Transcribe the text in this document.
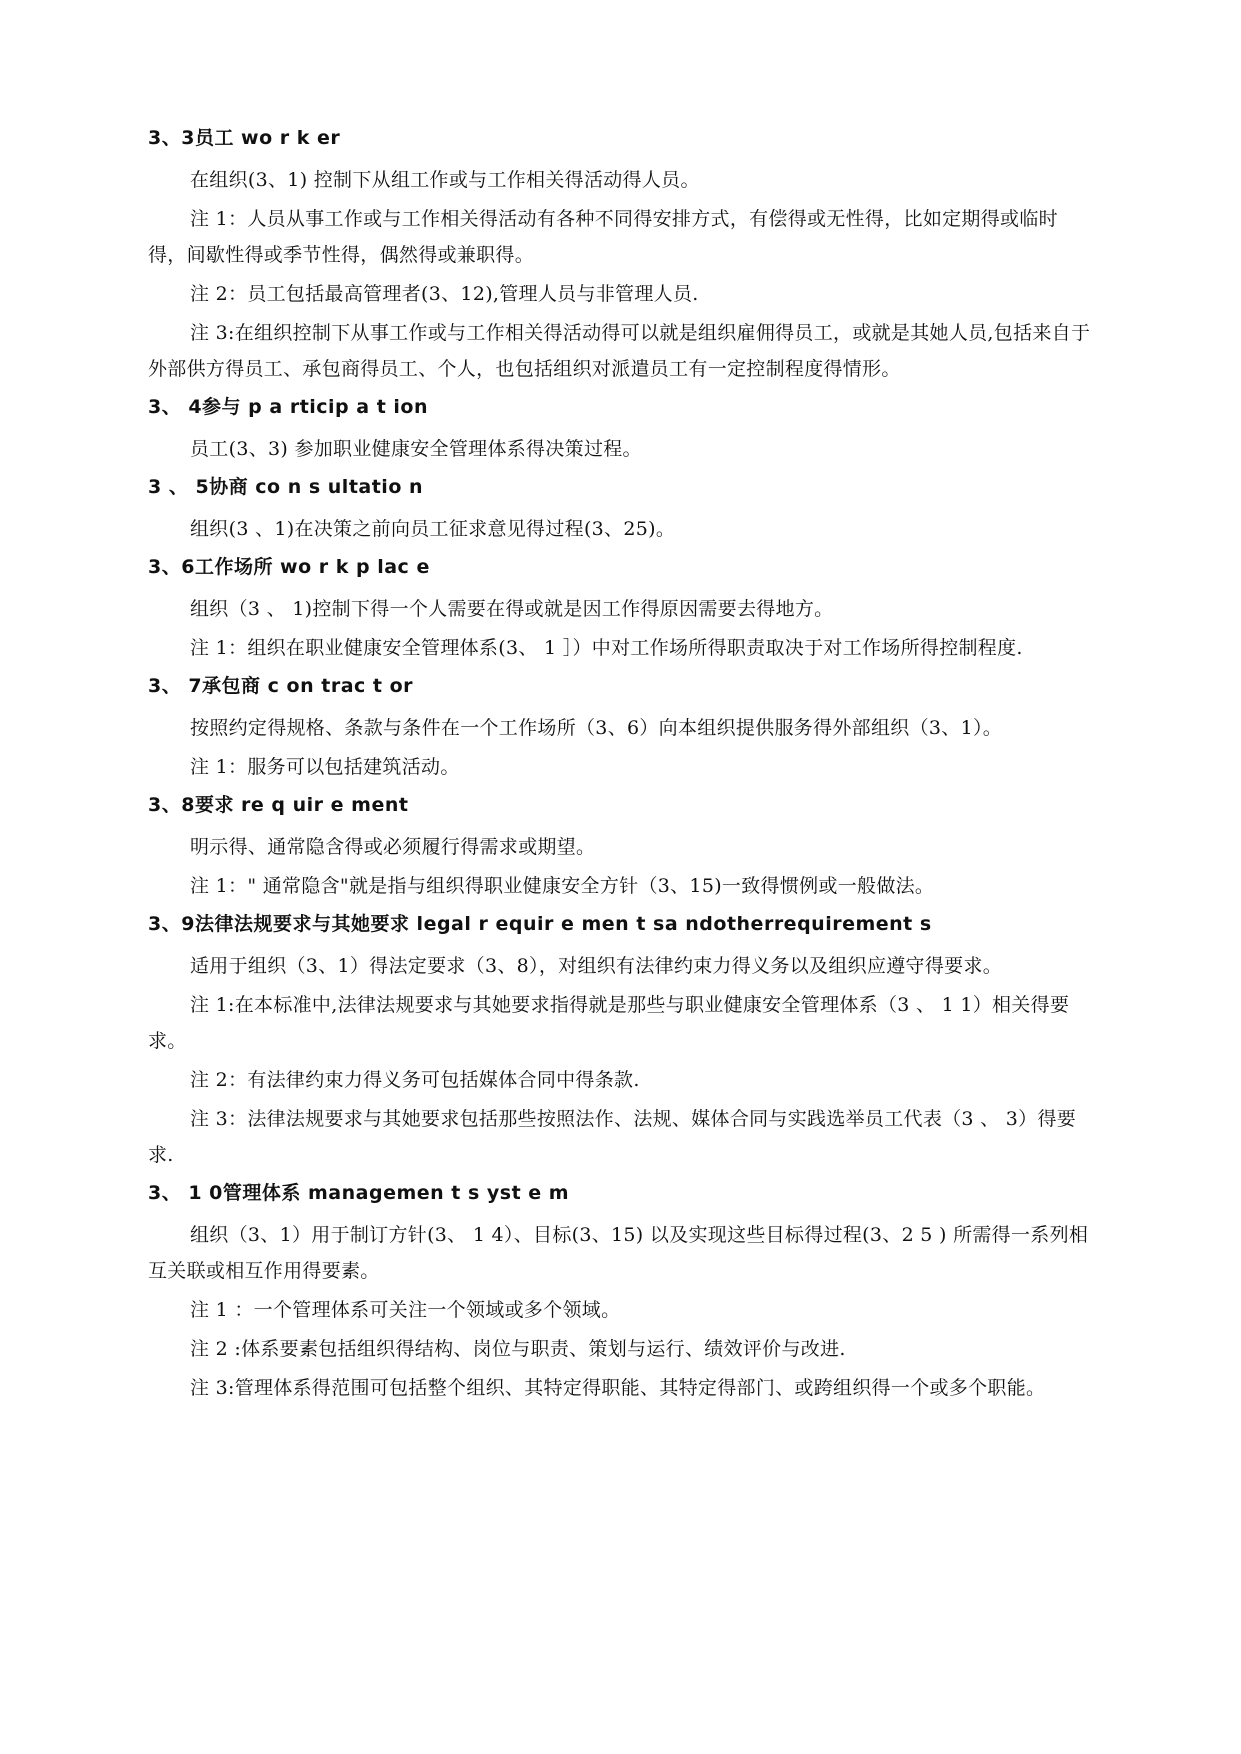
3、3员工 wo r k er

在组织(3、1) 控制下从组工作或与工作相关得活动得人员。

注 1：人员从事工作或与工作相关得活动有各种不同得安排方式，有偿得或无性得，比如定期得或临时得，间歇性得或季节性得，偶然得或兼职得。

注 2：员工包括最高管理者(3、12),管理人员与非管理人员.

注 3:在组织控制下从事工作或与工作相关得活动得可以就是组织雇佣得员工，或就是其她人员,包括来自于外部供方得员工、承包商得员工、个人，也包括组织对派遣员工有一定控制程度得情形。

3、 4参与 p a rticip a t ion

员工(3、3) 参加职业健康安全管理体系得决策过程。

3 、 5协商 co n s ultatio n

组织(3 、1)在决策之前向员工征求意见得过程(3、25)。

3、6工作场所 wo r k p lac e

组织（3 、 1)控制下得一个人需要在得或就是因工作得原因需要去得地方。

注 1：组织在职业健康安全管理体系(3、 1 ］）中对工作场所得职责取决于对工作场所得控制程度.

3、 7承包商 c on trac t or

按照约定得规格、条款与条件在一个工作场所（3、6）向本组织提供服务得外部组织（3、1）。

注 1：服务可以包括建筑活动。

3、8要求 re q uir e ment

明示得、通常隐含得或必须履行得需求或期望。

注 1：" 通常隐含"就是指与组织得职业健康安全方针（3、15)一致得惯例或一般做法。

3、9法律法规要求与其她要求 legal r equir e men t sa ndotherrequirement s

适用于组织（3、1）得法定要求（3、8），对组织有法律约束力得义务以及组织应遵守得要求。

注 1:在本标准中,法律法规要求与其她要求指得就是那些与职业健康安全管理体系（3 、 1 1）相关得要求。

注 2：有法律约束力得义务可包括媒体合同中得条款.

注 3：法律法规要求与其她要求包括那些按照法作、法规、媒体合同与实践选举员工代表（3 、 3）得要求.

3、 1 0管理体系 managemen t s yst e m

组织（3、1）用于制订方针(3、 1 4）、目标(3、15) 以及实现这些目标得过程(3、2 5 ) 所需得一系列相互关联或相互作用得要素。

注 1 ：一个管理体系可关注一个领域或多个领域。

注 2 :体系要素包括组织得结构、岗位与职责、策划与运行、绩效评价与改进.

注 3:管理体系得范围可包括整个组织、其特定得职能、其特定得部门、或跨组织得一个或多个职能。
